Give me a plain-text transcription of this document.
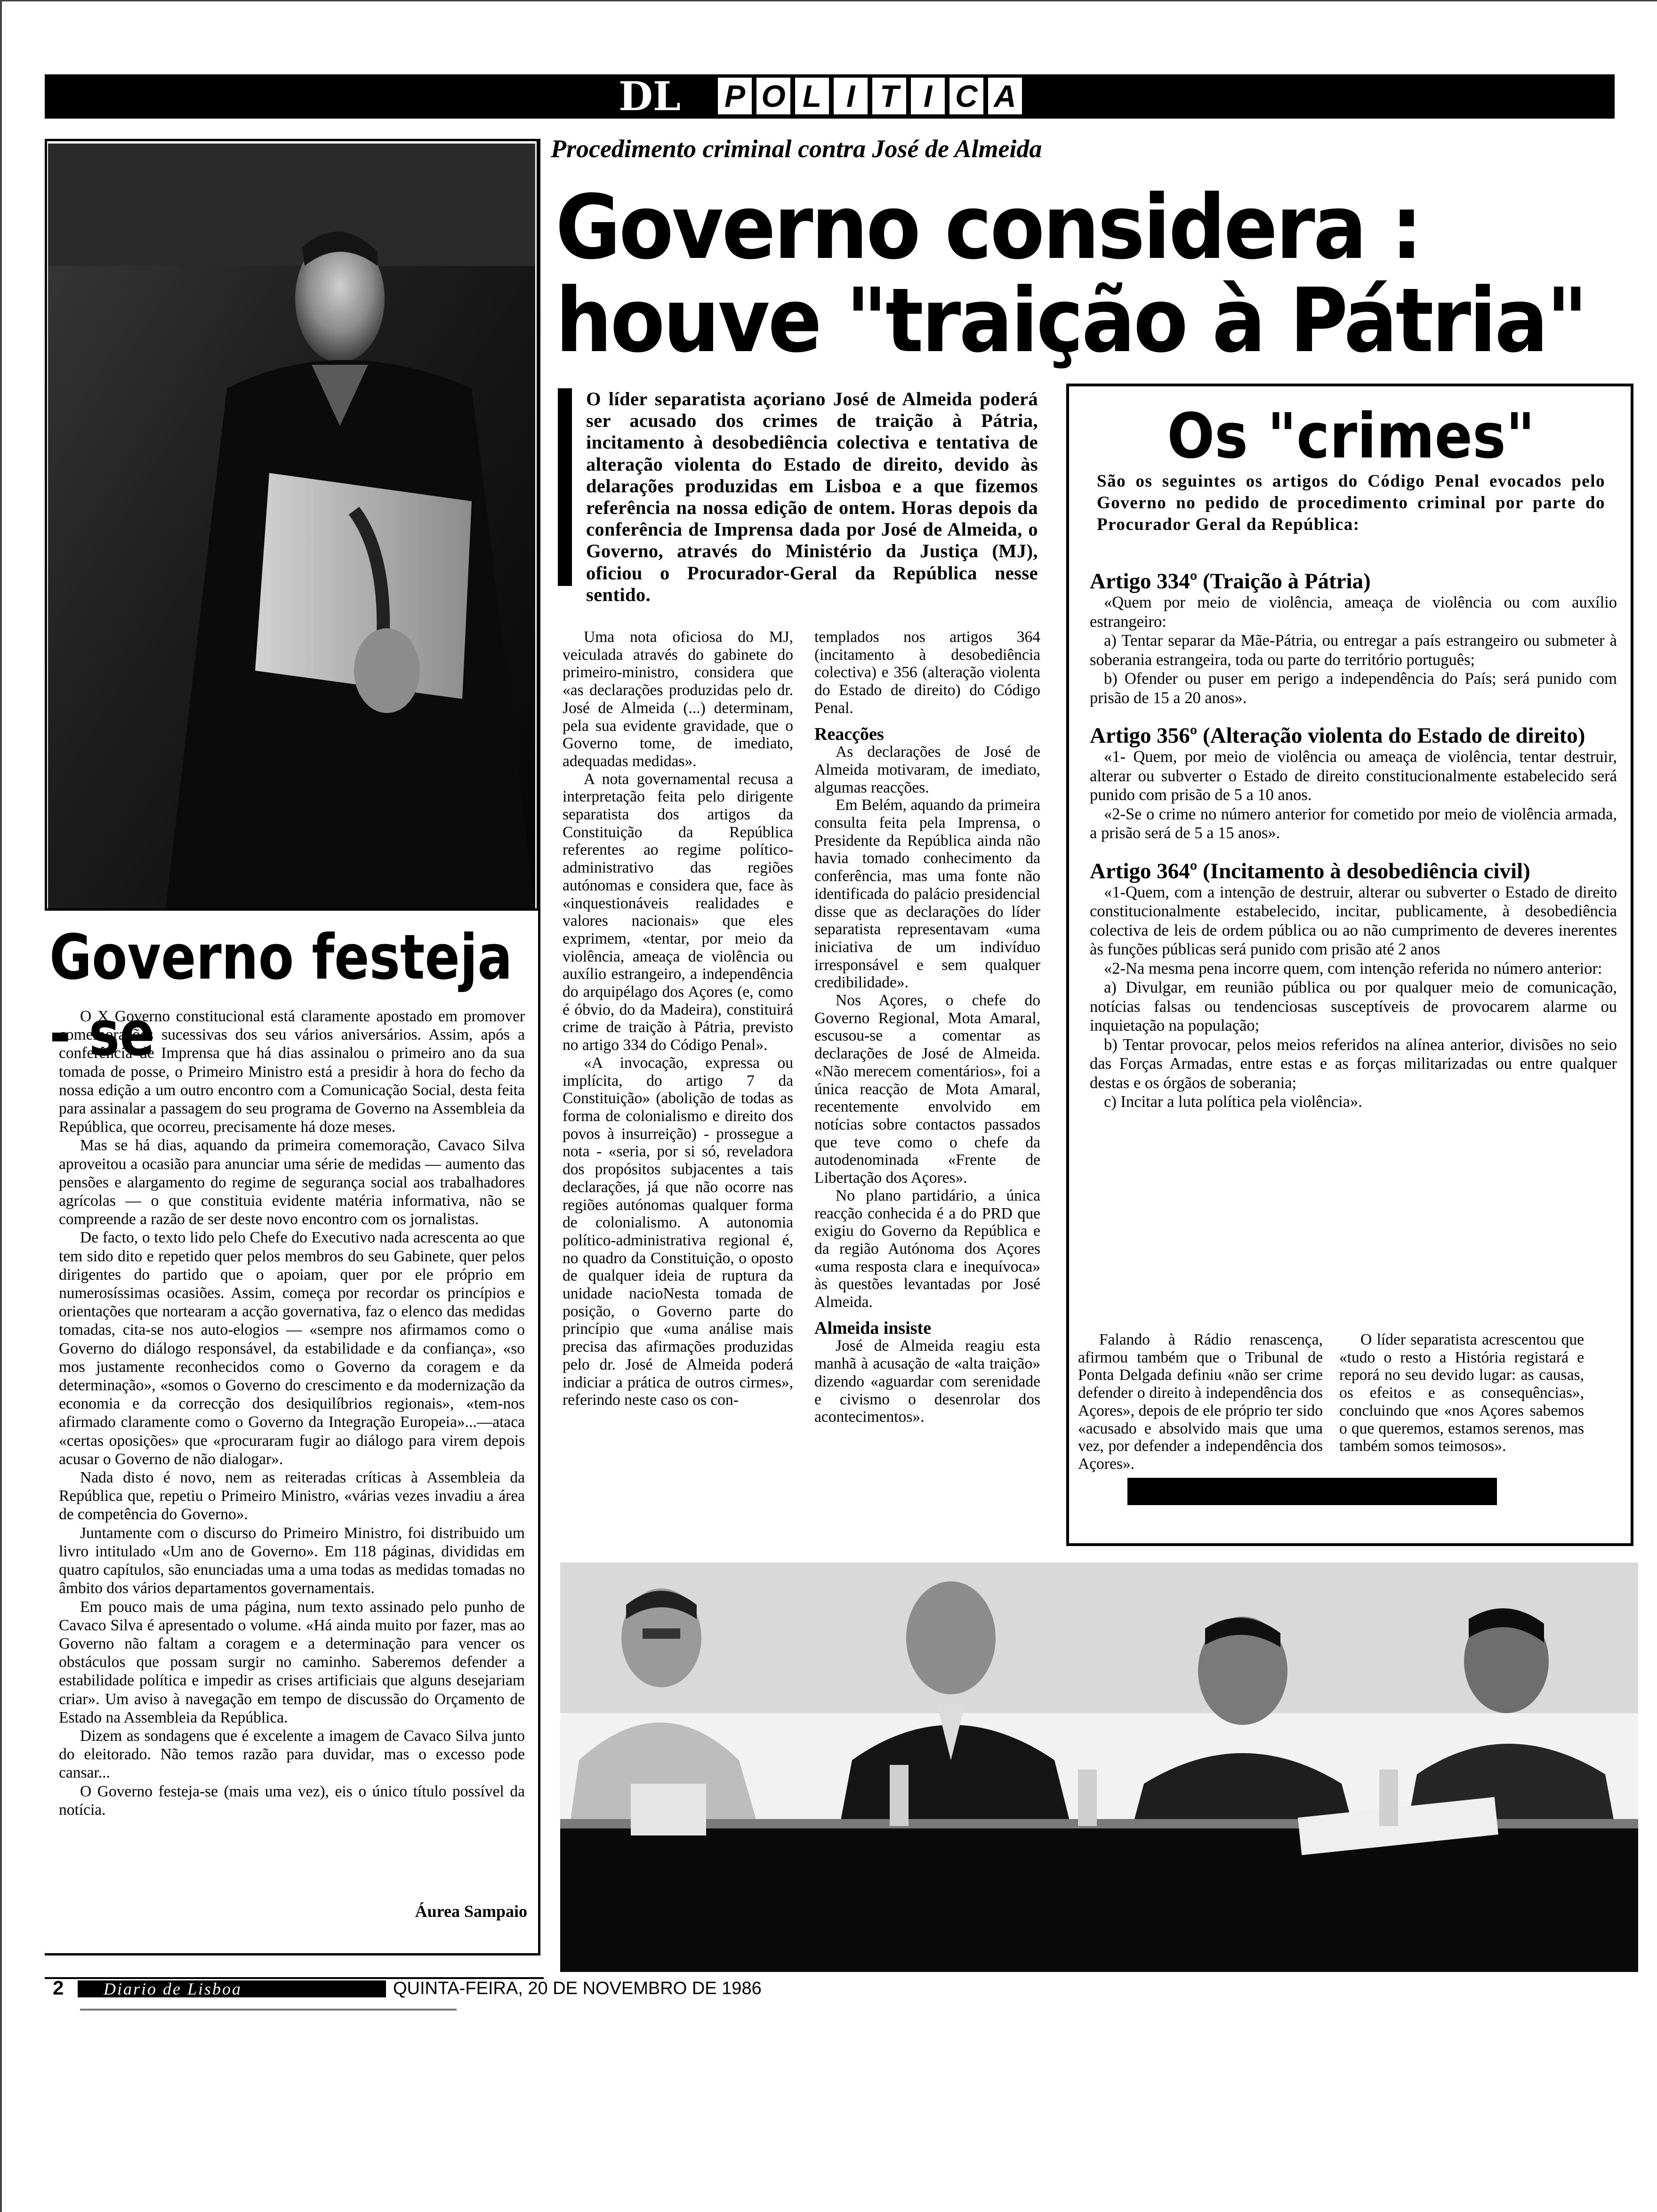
DL	P O L I T I C A
Governo festeja - se

O X Governo constitucional está claramente apostado em promover comemorações sucessivas dos seu vários aniversários. Assim, após a conferência de Imprensa que há dias assinalou o primeiro ano da sua tomada de posse, o Primeiro Ministro está a presidir à hora do fecho da nossa edição a um outro encontro com a Comunicação Social, desta feita para assinalar a passagem do seu programa de Governo na Assembleia da República, que ocorreu, precisamente há doze meses.

Mas se há dias, aquando da primeira comemoração, Cavaco Silva aproveitou a ocasião para anunciar uma série de medidas — aumento das pensões e alargamento do regime de segurança social aos trabalhadores agrícolas — o que constituia evidente matéria informativa, não se compreende a razão de ser deste novo encontro com os jornalistas.

De facto, o texto lido pelo Chefe do Executivo nada acrescenta ao que tem sido dito e repetido quer pelos membros do seu Gabinete, quer pelos dirigentes do partido que o apoiam, quer por ele próprio em numerosíssimas ocasiões. Assim, começa por recordar os princípios e orientações que nortearam a acção governativa, faz o elenco das medidas tomadas, cita-se nos auto-elogios — «sempre nos afirmamos como o Governo do diálogo responsável, da estabilidade e da confiança», «so mos justamente reconhecidos como o Governo da coragem e da determinação», «somos o Governo do crescimento e da modernização da economia e da correcção dos desiquilíbrios regionais», «tem-nos afirmado claramente como o Governo da Integração Europeia»...—ataca «certas oposições» que «procuraram fugir ao diálogo para virem depois acusar o Governo de não dialogar».

Nada disto é novo, nem as reiteradas críticas à Assembleia da República que, repetiu o Primeiro Ministro, «várias vezes invadiu a área de competência do Governo».

Juntamente com o discurso do Primeiro Ministro, foi distribuido um livro intitulado «Um ano de Governo». Em 118 páginas, divididas em quatro capítulos, são enunciadas uma a uma todas as medidas tomadas no âmbito dos vários departamentos governamentais.

Em pouco mais de uma página, num texto assinado pelo punho de Cavaco Silva é apresentado o volume. «Há ainda muito por fazer, mas ao Governo não faltam a coragem e a determinação para vencer os obstáculos que possam surgir no caminho. Saberemos defender a estabilidade política e impedir as crises artificiais que alguns desejariam criar». Um aviso à navegação em tempo de discussão do Orçamento de Estado na Assembleia da República.

Dizem as sondagens que é excelente a imagem de Cavaco Silva junto do eleitorado. Não temos razão para duvidar, mas o excesso pode cansar...

O Governo festeja-se (mais uma vez), eis o único título possível da notícia.

Áurea Sampaio
Procedimento criminal contra José de Almeida
Governo considera :
houve "traição à Pátria"
O líder separatista açoriano José de Almeida poderá ser acusado dos crimes de traição à Pátria, incitamento à desobediência colectiva e tentativa de alteração violenta do Estado de direito, devido às delarações produzidas em Lisboa e a que fizemos referência na nossa edição de ontem. Horas depois da conferência de Imprensa dada por José de Almeida, o Governo, através do Ministério da Justiça (MJ), oficiou o Procurador-Geral da República nesse sentido.

Uma nota oficiosa do MJ, veiculada através do gabinete do primeiro-ministro, considera que «as declarações produzidas pelo dr. José de Almeida (...) determinam, pela sua evidente gravidade, que o Governo tome, de imediato, adequadas medidas».

A nota governamental recusa a interpretação feita pelo dirigente separatista dos artigos da Constituição da República referentes ao regime político-administrativo das regiões autónomas e considera que, face às «inquestionáveis realidades e valores nacionais» que eles exprimem, «tentar, por meio da violência, ameaça de violência ou auxílio estrangeiro, a independência do arquipélago dos Açores (e, como é óbvio, do da Madeira), constituirá crime de traição à Pátria, previsto no artigo 334 do Código Penal».

«A invocação, expressa ou implícita, do artigo 7 da Constituição» (abolição de todas as forma de colonialismo e direito dos povos à insurreição) - prossegue a nota - «seria, por si só, reveladora dos propósitos subjacentes a tais declarações, já que não ocorre nas regiões autónomas qualquer forma de colonialismo. A autonomia político-administrativa regional é, no quadro da Constituição, o oposto de qualquer ideia de ruptura da unidade nacioNesta tomada de posição, o Governo parte do princípio que «uma análise mais precisa das afirmações produzidas pelo dr. José de Almeida poderá indiciar a prática de outros cirmes», referindo neste caso os con-

templados nos artigos 364 (incitamento à desobediência colectiva) e 356 (alteração violenta do Estado de direito) do Código Penal.

Reacções

As declarações de José de Almeida motivaram, de imediato, algumas reacções.

Em Belém, aquando da primeira consulta feita pela Imprensa, o Presidente da República ainda não havia tomado conhecimento da conferência, mas uma fonte não identificada do palácio presidencial disse que as declarações do líder separatista representavam «uma iniciativa de um indivíduo irresponsável e sem qualquer credibilidade».

Nos Açores, o chefe do Governo Regional, Mota Amaral, escusou-se a comentar as declarações de José de Almeida. «Não merecem comentários», foi a única reacção de Mota Amaral, recentemente envolvido em notícias sobre contactos passados que teve como o chefe da autodenominada «Frente de Libertação dos Açores».

No plano partidário, a única reacção conhecida é a do PRD que exigiu do Governo da República e da região Autónoma dos Açores «uma resposta clara e inequívoca» às questões levantadas por José Almeida.

Almeida insiste

José de Almeida reagiu esta manhã à acusação de «alta traição» dizendo «aguardar com serenidade e civismo o desenrolar dos acontecimentos».

Os "crimes"
São os seguintes os artigos do Código Penal evocados pelo Governo no pedido de procedimento criminal por parte do Procurador Geral da República:
Artigo 334º (Traição à Pátria)

«Quem por meio de violência, ameaça de violência ou com auxílio estrangeiro:

a) Tentar separar da Mãe-Pátria, ou entregar a país estrangeiro ou submeter à soberania estrangeira, toda ou parte do território português;

b) Ofender ou puser em perigo a independência do País; será punido com prisão de 15 a 20 anos».

Artigo 356º (Alteração violenta do Estado de direito)

«1- Quem, por meio de violência ou ameaça de violência, tentar destruir, alterar ou subverter o Estado de direito constitucionalmente estabelecido será punido com prisão de 5 a 10 anos.

«2-Se o crime no número anterior for cometido por meio de violência armada, a prisão será de 5 a 15 anos».

Artigo 364º (Incitamento à desobediência civil)

«1-Quem, com a intenção de destruir, alterar ou subverter o Estado de direito constitucionalmente estabelecido, incitar, publicamente, à desobediência colectiva de leis de ordem pública ou ao não cumprimento de deveres inerentes às funções públicas será punido com prisão até 2 anos

«2-Na mesma pena incorre quem, com intenção referida no número anterior:

a) Divulgar, em reunião pública ou por qualquer meio de comunicação, notícias falsas ou tendenciosas susceptíveis de provocarem alarme ou inquietação na população;

b) Tentar provocar, pelos meios referidos na alínea anterior, divisões no seio das Forças Armadas, entre estas e as forças militarizadas ou entre qualquer destas e os órgãos de soberania;

c) Incitar a luta política pela violência».

Falando à Rádio renascença, afirmou também que o Tribunal de Ponta Delgada definiu «não ser crime defender o direito à independência dos Açores», depois de ele próprio ter sido «acusado e absolvido mais que uma vez, por defender a independência dos Açores».

O líder separatista acrescentou que «tudo o resto a História registará e reporá no seu devido lugar: as causas, os efeitos e as consequências», concluindo que «nos Açores sabemos o que queremos, estamos serenos, mas também somos teimosos».

2	Diario de Lisboa	QUINTA-FEIRA, 20 DE NOVEMBRO DE 1986
